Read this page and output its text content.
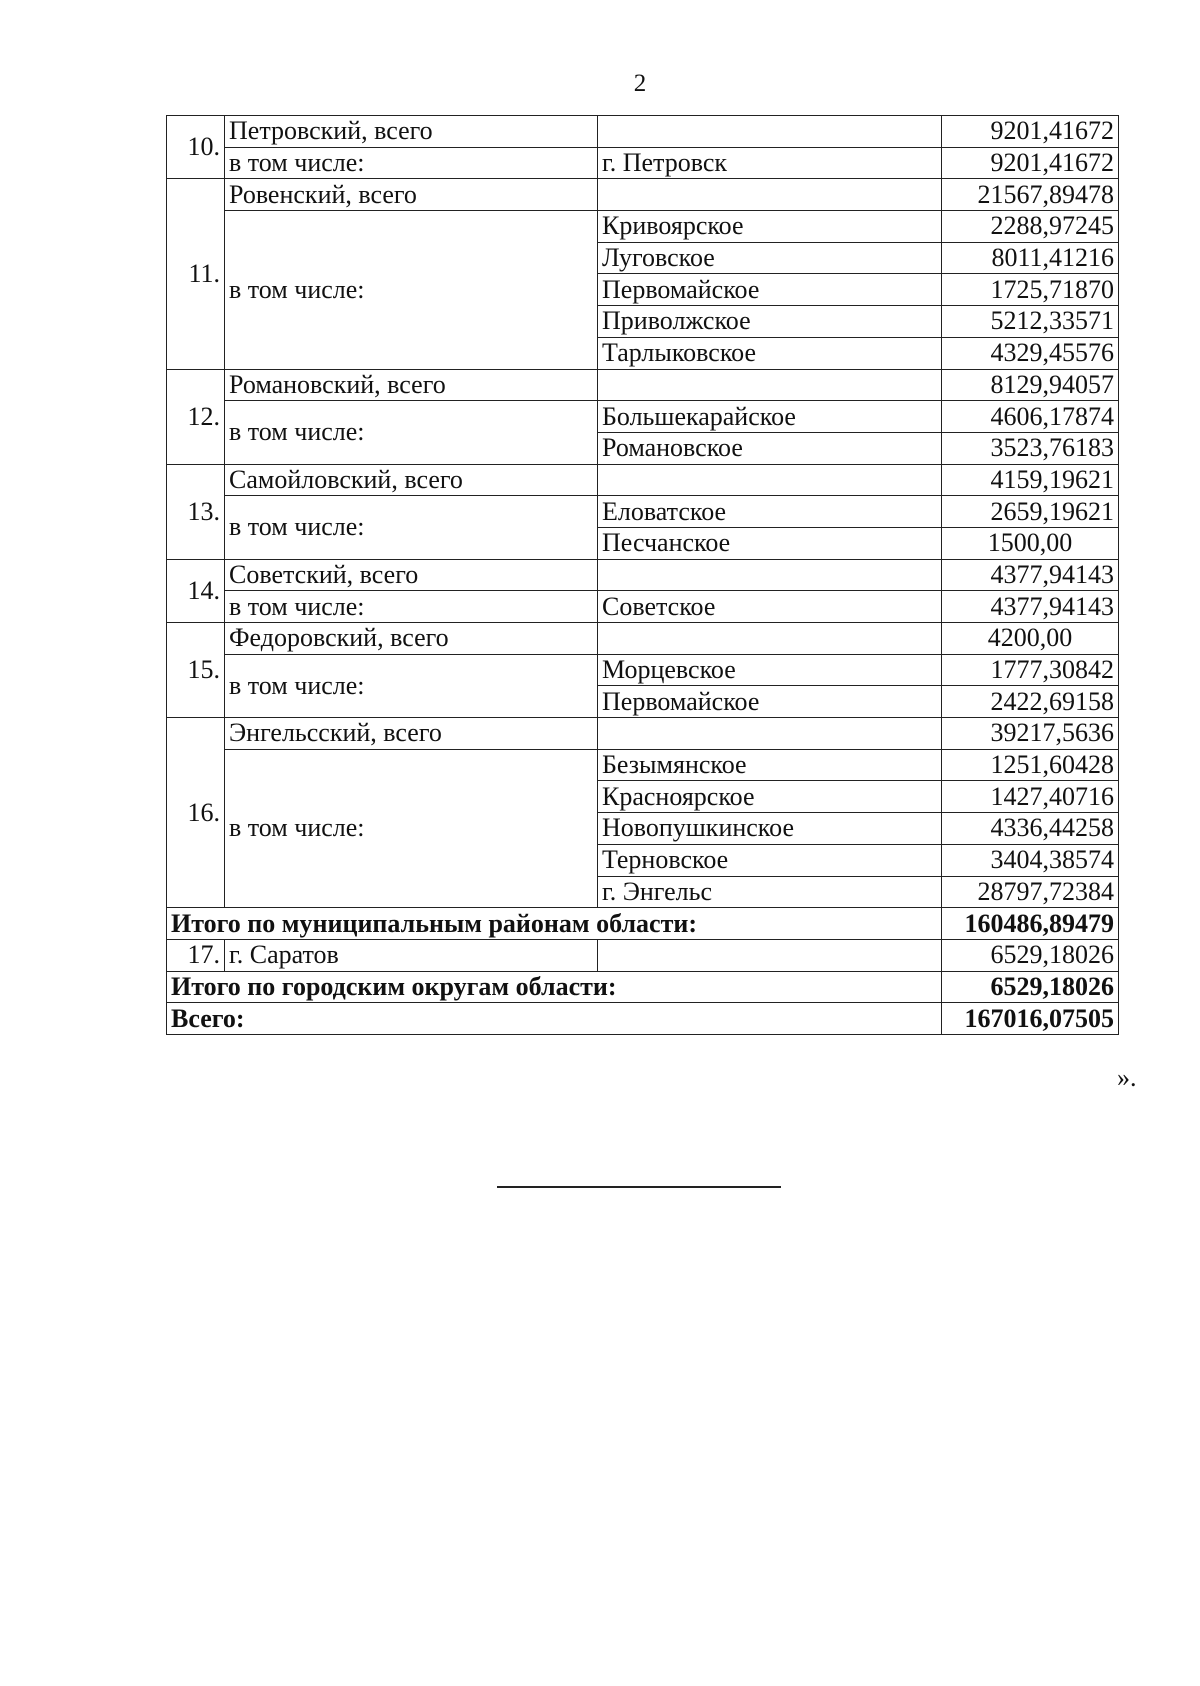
2
10.	Петровский, всего		9201,41672
	в том числе:	г. Петровск	9201,41672
11.	Ровенский, всего		21567,89478
	в том числе:	Кривоярское	2288,97245
		Луговское	8011,41216
		Первомайское	1725,71870
		Приволжское	5212,33571
		Тарлыковское	4329,45576
12.	Романовский, всего		8129,94057
	в том числе:	Большекарайское	4606,17874
		Романовское	3523,76183
13.	Самойловский, всего		4159,19621
	в том числе:	Еловатское	2659,19621
		Песчанское	1500,00
14.	Советский, всего		4377,94143
	в том числе:	Советское	4377,94143
15.	Федоровский, всего		4200,00
	в том числе:	Морцевское	1777,30842
		Первомайское	2422,69158
16.	Энгельсский, всего		39217,5636
	в том числе:	Безымянское	1251,60428
		Красноярское	1427,40716
		Новопушкинское	4336,44258
		Терновское	3404,38574
		г. Энгельс	28797,72384
Итого по муниципальным районам области:			160486,89479
17.	г. Саратов		6529,18026
Итого по городским округам области:			6529,18026
Всего:			167016,07505
».
